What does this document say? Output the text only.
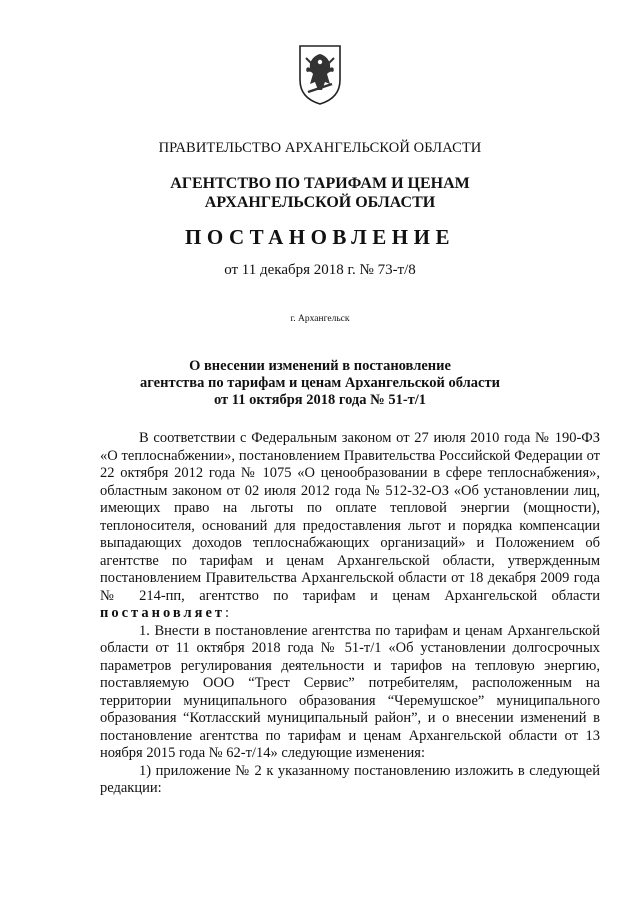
ПРАВИТЕЛЬСТВО АРХАНГЕЛЬСКОЙ ОБЛАСТИ
АГЕНТСТВО ПО ТАРИФАМ И ЦЕНАМ
АРХАНГЕЛЬСКОЙ ОБЛАСТИ
ПОСТАНОВЛЕНИЕ
от 11 декабря 2018 г. № 73-т/8
г. Архангельск
О внесении изменений в постановление
агентства по тарифам и ценам Архангельской области
от 11 октября 2018 года № 51-т/1

В соответствии с Федеральным законом от 27 июля 2010 года № 190-ФЗ «О теплоснабжении», постановлением Правительства Российской Федерации от 22 октября 2012 года № 1075 «О ценообразовании в сфере теплоснабжения», областным законом от 02 июля 2012 года № 512-32-ОЗ «Об установлении лиц, имеющих право на льготы по оплате тепловой энергии (мощности), теплоносителя, оснований для предоставления льгот и порядка компенсации выпадающих доходов теплоснабжающих организаций» и Положением об агентстве по тарифам и ценам Архангельской области, утвержденным постановлением Правительства Архангельской области от 18 декабря 2009 года № 214-пп, агентство по тарифам и ценам Архангельской области постановляет:

1. Внести в постановление агентства по тарифам и ценам Архангельской области от 11 октября 2018 года № 51-т/1 «Об установлении долгосрочных параметров регулирования деятельности и тарифов на тепловую энергию, поставляемую ООО “Трест Сервис” потребителям, расположенным на территории муниципального образования “Черемушское” муниципального образования “Котласский муниципальный район”, и о внесении изменений в постановление агентства по тарифам и ценам Архангельской области от 13 ноября 2015 года № 62-т/14» следующие изменения:

1) приложение № 2 к указанному постановлению изложить в следующей редакции:
